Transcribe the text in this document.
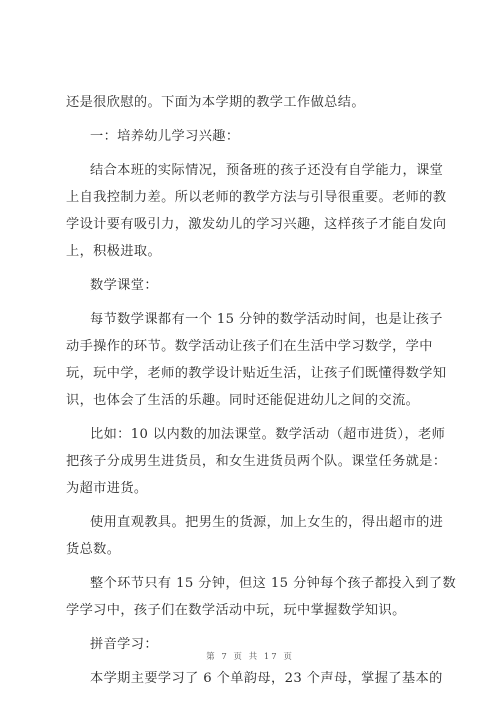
还是很欣慰的。下面为本学期的教学工作做总结。
一：培养幼儿学习兴趣：
结合本班的实际情况，预备班的孩子还没有自学能力，课堂
上自我控制力差。所以老师的教学方法与引导很重要。老师的教
学设计要有吸引力，激发幼儿的学习兴趣，这样孩子才能自发向
上，积极进取。
数学课堂：
每节数学课都有一个 15 分钟的数学活动时间，也是让孩子
动手操作的环节。数学活动让孩子们在生活中学习数学，学中
玩，玩中学，老师的教学设计贴近生活，让孩子们既懂得数学知
识，也体会了生活的乐趣。同时还能促进幼儿之间的交流。
比如：10 以内数的加法课堂。数学活动（超市进货），老师
把孩子分成男生进货员，和女生进货员两个队。课堂任务就是：
为超市进货。
使用直观教具。把男生的货源，加上女生的，得出超市的进
货总数。
整个环节只有 15 分钟，但这 15 分钟每个孩子都投入到了数
学学习中，孩子们在数学活动中玩，玩中掌握数学知识。
拼音学习：
本学期主要学习了 6 个单韵母，23 个声母，掌握了基本的
第 7 页 共 17 页
